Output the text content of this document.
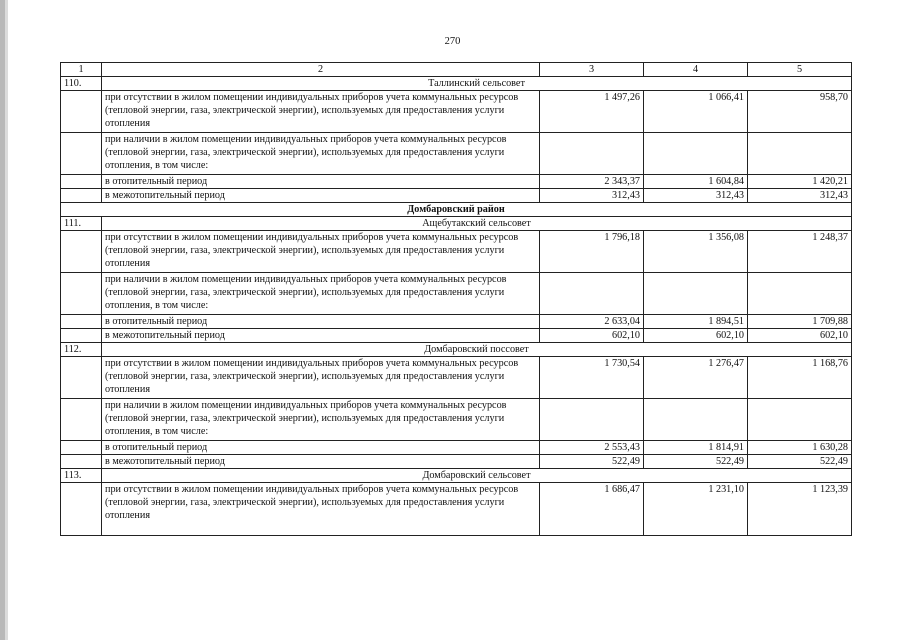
270
1	2	3	4	5
110.	Таллинский сельсовет			
	при отсутствии в жилом помещении индивидуальных приборов учета коммунальных ресурсов (тепловой энергии, газа, электрической энергии), используемых для предоставления услуги отопления	1 497,26	1 066,41	958,70
	при наличии в жилом помещении индивидуальных приборов учета коммунальных ресурсов (тепловой энергии, газа, электрической энергии), используемых для предоставления услуги отопления, в том числе:			
	в отопительный период	2 343,37	1 604,84	1 420,21
	в межотопительный период	312,43	312,43	312,43
Домбаровский район				
111.	Ащебутакский сельсовет			
	при отсутствии в жилом помещении индивидуальных приборов учета коммунальных ресурсов (тепловой энергии, газа, электрической энергии), используемых для предоставления услуги отопления	1 796,18	1 356,08	1 248,37
	при наличии в жилом помещении индивидуальных приборов учета коммунальных ресурсов (тепловой энергии, газа, электрической энергии), используемых для предоставления услуги отопления, в том числе:			
	в отопительный период	2 633,04	1 894,51	1 709,88
	в межотопительный период	602,10	602,10	602,10
112.	Домбаровский поссовет			
	при отсутствии в жилом помещении индивидуальных приборов учета коммунальных ресурсов (тепловой энергии, газа, электрической энергии), используемых для предоставления услуги отопления	1 730,54	1 276,47	1 168,76
	при наличии в жилом помещении индивидуальных приборов учета коммунальных ресурсов (тепловой энергии, газа, электрической энергии), используемых для предоставления услуги отопления, в том числе:			
	в отопительный период	2 553,43	1 814,91	1 630,28
	в межотопительный период	522,49	522,49	522,49
113.	Домбаровский сельсовет			
	при отсутствии в жилом помещении индивидуальных приборов учета коммунальных ресурсов (тепловой энергии, газа, электрической энергии), используемых для предоставления услуги отопления	1 686,47	1 231,10	1 123,39
